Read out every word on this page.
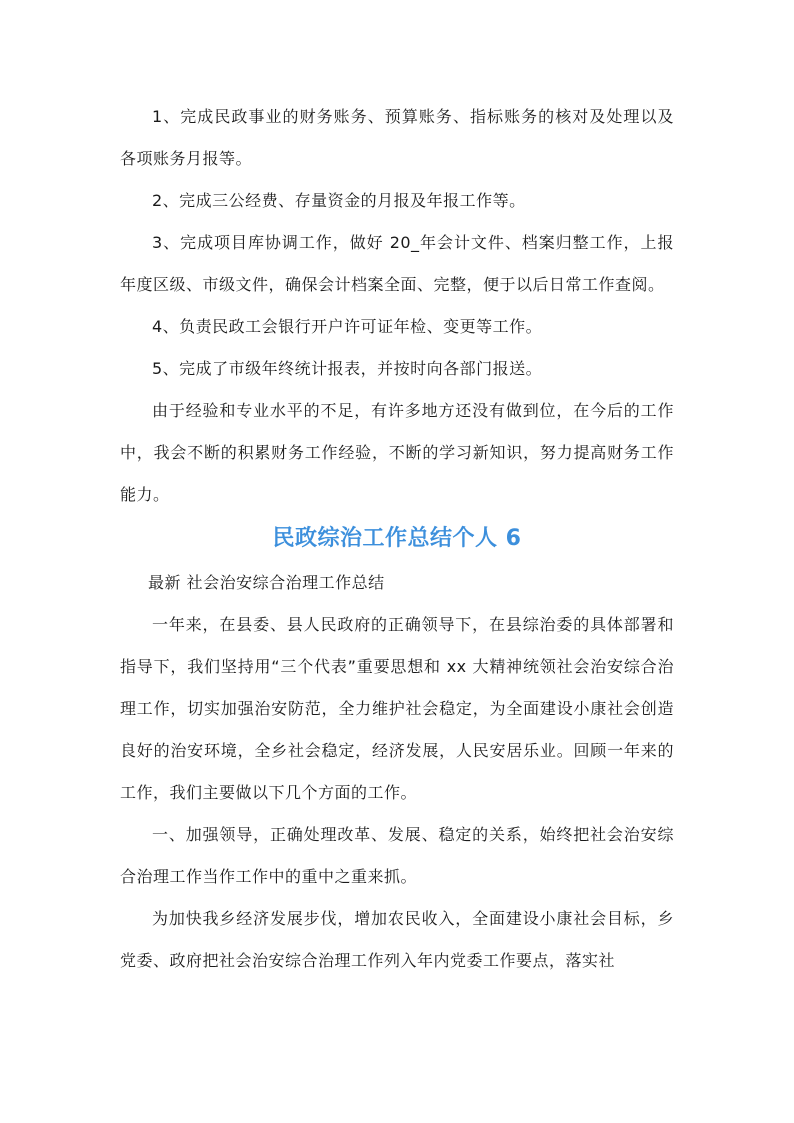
1、完成民政事业的财务账务、预算账务、指标账务的核对及处理以及各项账务月报等。

2、完成三公经费、存量资金的月报及年报工作等。

3、完成项目库协调工作，做好 20_年会计文件、档案归整工作，上报年度区级、市级文件，确保会计档案全面、完整，便于以后日常工作查阅。

4、负责民政工会银行开户许可证年检、变更等工作。

5、完成了市级年终统计报表，并按时向各部门报送。

由于经验和专业水平的不足，有许多地方还没有做到位，在今后的工作中，我会不断的积累财务工作经验，不断的学习新知识，努力提高财务工作能力。

民政综治工作总结个人 6

最新 社会治安综合治理工作总结

一年来，在县委、县人民政府的正确领导下，在县综治委的具体部署和指导下，我们坚持用“三个代表”重要思想和 xx 大精神统领社会治安综合治理工作，切实加强治安防范，全力维护社会稳定，为全面建设小康社会创造良好的治安环境，全乡社会稳定，经济发展，人民安居乐业。回顾一年来的工作，我们主要做以下几个方面的工作。

一、加强领导，正确处理改革、发展、稳定的关系，始终把社会治安综合治理工作当作工作中的重中之重来抓。

为加快我乡经济发展步伐，增加农民收入，全面建设小康社会目标，乡党委、政府把社会治安综合治理工作列入年内党委工作要点，落实社
